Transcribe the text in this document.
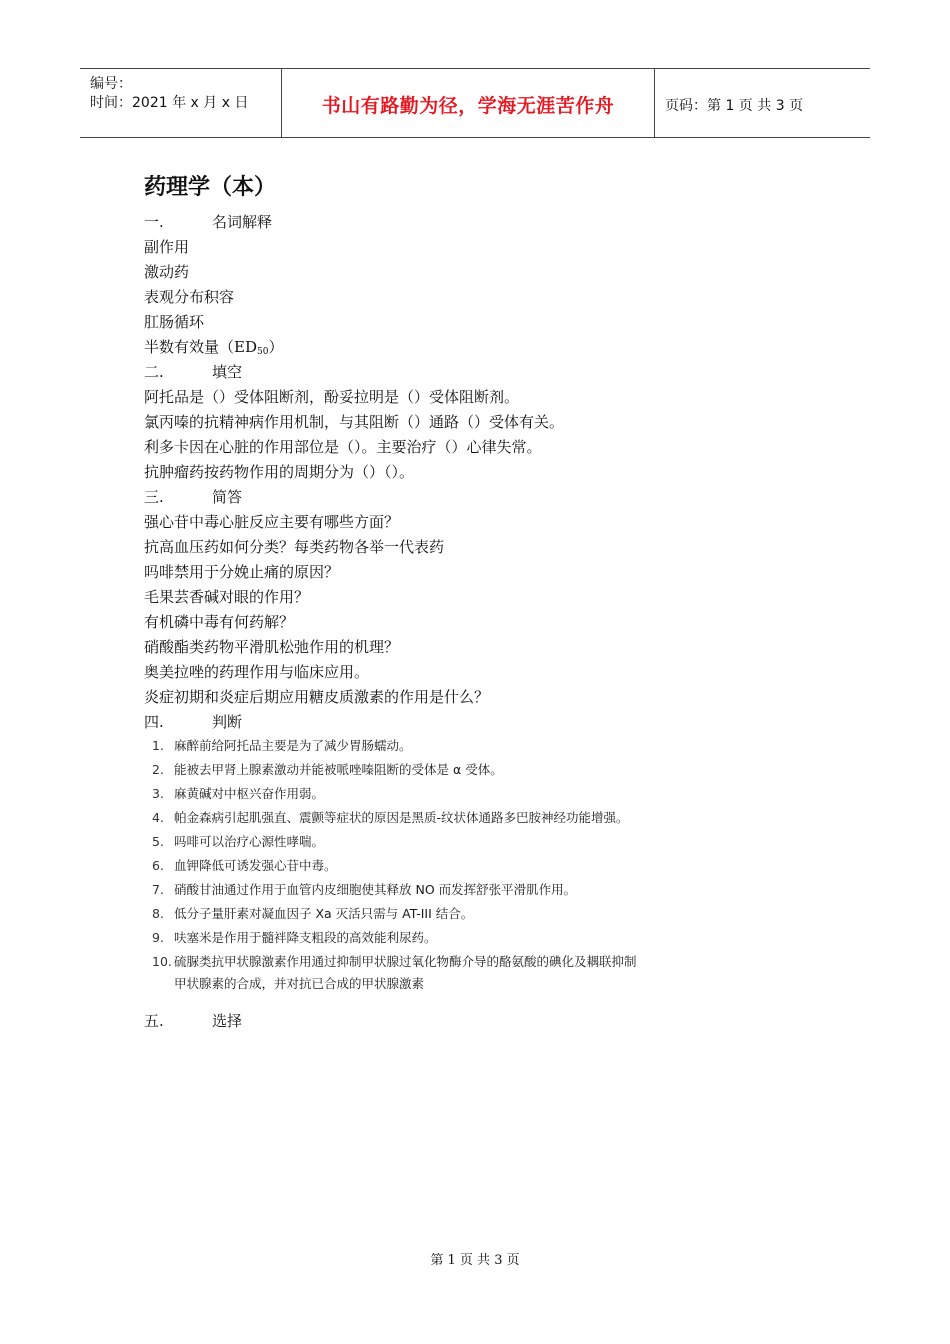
编号：
时间：2021 年 x 月 x 日	书山有路勤为径，学海无涯苦作舟	页码：第 1 页 共 3 页
药理学（本）
一.	名词解释
副作用
激动药
表观分布积容
肛肠循环
半数有效量$(ED_{50})$
二.	填空
阿托品是（）受体阻断剂，酚妥拉明是（）受体阻断剂。
氯丙嗪的抗精神病作用机制，与其阻断（）通路（）受体有关。
利多卡因在心脏的作用部位是（）。主要治疗（）心律失常。
抗肿瘤药按药物作用的周期分为（）（）。
三.	简答
强心苷中毒心脏反应主要有哪些方面？
抗高血压药如何分类？每类药物各举一代表药
吗啡禁用于分娩止痛的原因？
毛果芸香碱对眼的作用？
有机磷中毒有何药解？
硝酸酯类药物平滑肌松弛作用的机理？
奥美拉唑的药理作用与临床应用。
炎症初期和炎症后期应用糖皮质激素的作用是什么？
四.	判断
1. 麻醉前给阿托品主要是为了减少胃肠蠕动。
2. 能被去甲肾上腺素激动并能被哌唑嗪阻断的受体是 α 受体。
3. 麻黄碱对中枢兴奋作用弱。
4. 帕金森病引起肌强直、震颤等症状的原因是黑质-纹状体通路多巴胺神经功能增强。
5. 吗啡可以治疗心源性哮喘。
6. 血钾降低可诱发强心苷中毒。
7. 硝酸甘油通过作用于血管内皮细胞使其释放 NO 而发挥舒张平滑肌作用。
8. 低分子量肝素对凝血因子 Xa 灭活只需与 AT-III 结合。
9. 呋塞米是作用于髓袢降支粗段的高效能利尿药。
10. 硫脲类抗甲状腺激素作用通过抑制甲状腺过氧化物酶介导的酪氨酸的碘化及耦联抑制
甲状腺素的合成，并对抗已合成的甲状腺激素
五.	选择
第 1 页 共 3 页
